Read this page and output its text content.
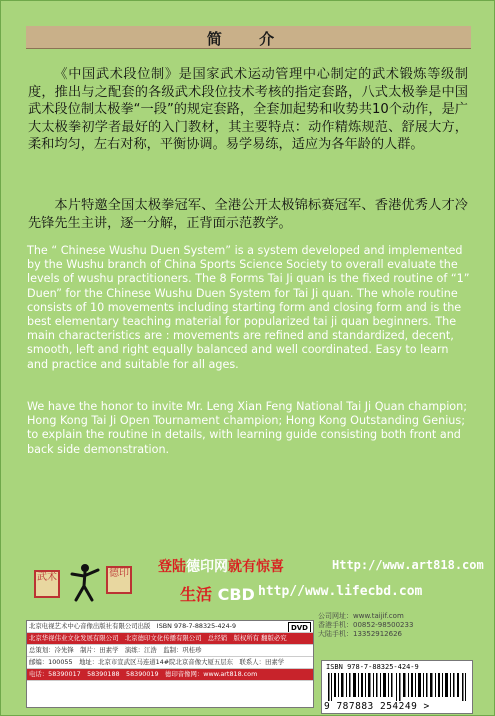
简 介
《中国武术段位制》是国家武术运动管理中心制定的武术锻炼等级制度，推出与之配套的各级武术段位技术考核的指定套路，八式太极拳是中国武术段位制太极拳“一段”的规定套路，全套加起势和收势共10个动作，是广大太极拳初学者最好的入门教材，其主要特点：动作精炼规范、舒展大方，柔和均匀，左右对称，平衡协调。易学易练，适应为各年龄的人群。
本片特邀全国太极拳冠军、全港公开太极锦标赛冠军、香港优秀人才冷先锋先生主讲，逐一分解，正背面示范教学。
The “ Chinese Wushu Duen System” is a system developed and implemented by the Wushu branch of China Sports Science Society to overall evaluate the levels of wushu practitioners. The 8 Forms Tai Ji quan is the fixed routine of “1” Duen” for the Chinese Wushu Duen System for Tai Ji quan. The whole routine consists of 10 movements including starting form and closing form and is the best elementary teaching material for popularized tai ji quan beginners. The main characteristics are : movements are refined and standardized, decent, smooth, left and right equally balanced and well coordinated. Easy to learn and practice and suitable for all ages.
We have the honor to invite Mr. Leng Xian Feng National Tai Ji Quan champion; Hong Kong Tai Ji Open Tournament champion; Hong Kong Outstanding Genius; to explain the routine in details, with learning guide consisting both front and back side demonstration.
武术	德印 登陆德印网就有惊喜	Http://www.art818.com
生活 CBD http//www.lifecbd.com
北京电视艺术中心音像出版社有限公司出版　ISBN 978-7-88325-424-9	DVD
北京华视伟业文化发展有限公司　北京德印文化传播有限公司　总经销　版权所有 翻版必究
总策划：冷先锋　制片：田素学　演练：江浩　监制：巩桂珍
邮编：100055　地址：北京市宣武区马连道14#院北京音像大厦五层东　联系人：田素学
电话：58390017　58390188　58390019　德印音像网：www.art818.com
公司网址：www.taijif.com
香港手机：00852-98500233
大陆手机：13352912626
ISBN 978-7-88325-424-9
9 787883 254249 >
